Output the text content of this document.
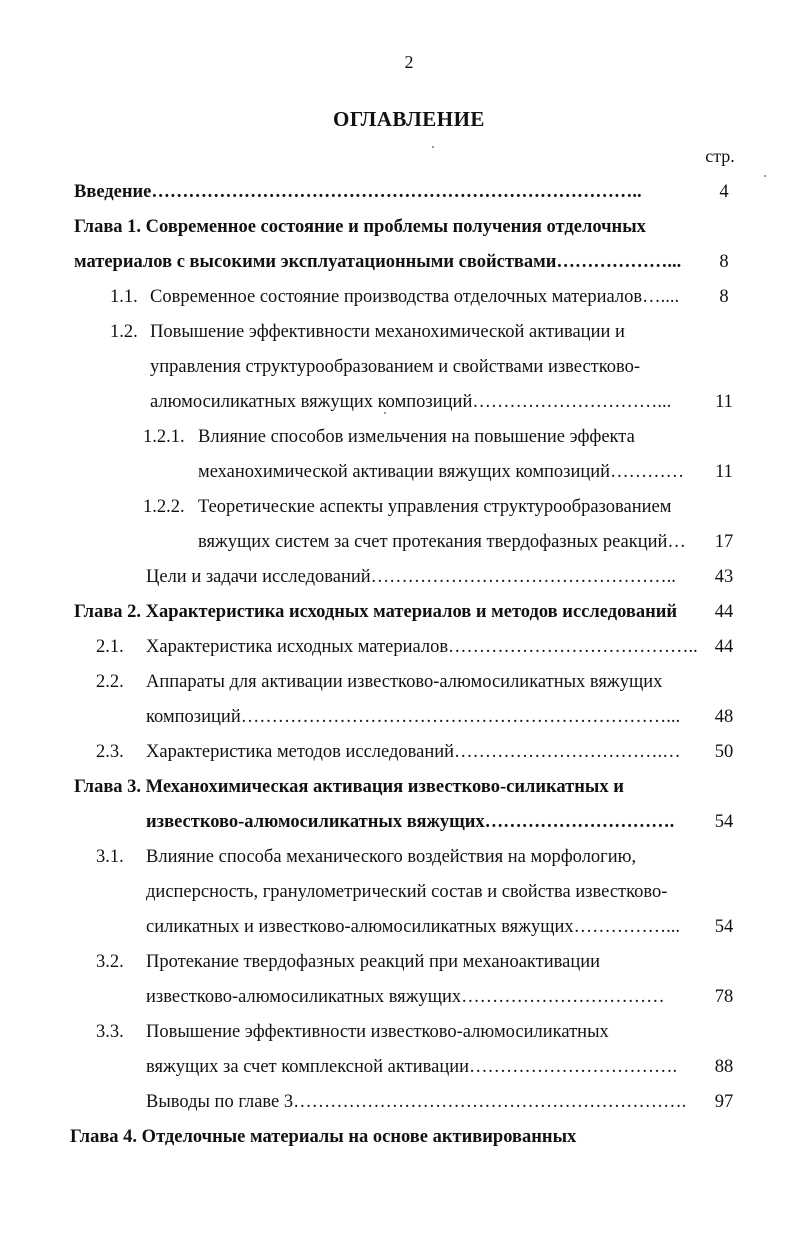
2
ОГЛАВЛЕНИЕ
стр.
Введение……………………………………………………………………..	4
Глава 1. Современное состояние и проблемы получения отделочных
материалов с высокими эксплуатационными свойствами………………...	8
1.1. Современное состояние производства отделочных материалов…....	8
1.2. Повышение эффективности механохимической активации и
управления структурообразованием и свойствами известково-
алюмосиликатных вяжущих композиций…………………………...	11
1.2.1. Влияние способов измельчения на повышение эффекта
механохимической активации вяжущих композиций…………	11
1.2.2. Теоретические аспекты управления структурообразованием
вяжущих систем за счет протекания твердофазных реакций…	17
Цели и задачи исследований…………………………………………..	43
Глава 2. Характеристика исходных материалов и методов исследований	44
2.1. Характеристика исходных материалов………………………………….. 44
2.2. Аппараты для активации известково-алюмосиликатных вяжущих
композиций……………………………………………………………...	48
2.3. Характеристика методов исследований…………………………….…	50
Глава 3. Механохимическая активация известково-силикатных и
известково-алюмосиликатных вяжущих………………………….	54
3.1. Влияние способа механического воздействия на морфологию,
дисперсность, гранулометрический состав и свойства известково-
силикатных и известково-алюмосиликатных вяжущих……………...	54
3.2. Протекание твердофазных реакций при механоактивации
известково-алюмосиликатных вяжущих……………………………	78
3.3. Повышение эффективности известково-алюмосиликатных
вяжущих за счет комплексной активации…………………………….	88
Выводы по главе 3……………………………………………………….	97
Глава 4. Отделочные материалы на основе активированных
